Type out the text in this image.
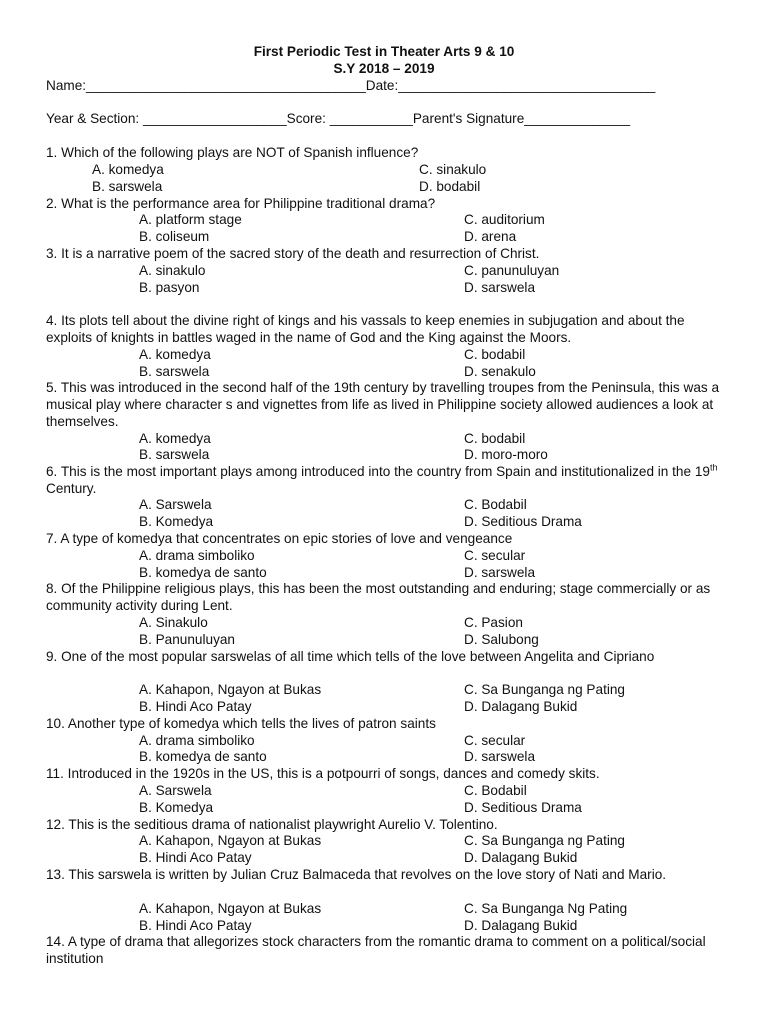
First Periodic Test in Theater Arts 9 & 10
S.Y 2018 – 2019
Name:_____________________________________Date:__________________________________
Year & Section: ___________________Score: ___________Parent's Signature______________
1. Which of the following plays are NOT of Spanish influence?
A. komedya	C. sinakulo
B. sarswela	D. bodabil
2. What is the performance area for Philippine traditional drama?
A. platform stage	C. auditorium
B. coliseum	D. arena
3. It is a narrative poem of the sacred story of the death and resurrection of Christ.
A. sinakulo	C. panunuluyan
B. pasyon	D. sarswela
4. Its plots tell about the divine right of kings and his vassals to keep enemies in subjugation and about the exploits of knights in battles waged in the name of God and the King against the Moors.
A. komedya	C. bodabil
B. sarswela	D. senakulo
5. This was introduced in the second half of the 19th century by travelling troupes from the Peninsula, this was a musical play where character s and vignettes from life as lived in Philippine society allowed audiences a look at themselves.
A. komedya	C. bodabil
B. sarswela	D. moro-moro
6. This is the most important plays among introduced into the country from Spain and institutionalized in the 19th Century.
A. Sarswela	C. Bodabil
B. Komedya	D. Seditious Drama
7. A type of komedya that concentrates on epic stories of love and vengeance
A. drama simboliko	C. secular
B. komedya de santo	D. sarswela
8. Of the Philippine religious plays, this has been the most outstanding and enduring; stage commercially or as community activity during Lent.
A. Sinakulo	C. Pasion
B. Panunuluyan	D. Salubong
9. One of the most popular sarswelas of all time which tells of the love between Angelita and Cipriano
A. Kahapon, Ngayon at Bukas	C. Sa Bunganga ng Pating
B. Hindi Aco Patay	D. Dalagang Bukid
10. Another type of komedya which tells the lives of patron saints
A. drama simboliko	C. secular
B. komedya de santo	D. sarswela
11. Introduced in the 1920s in the US, this is a potpourri of songs, dances and comedy skits.
A. Sarswela	C. Bodabil
B. Komedya	D. Seditious Drama
12. This is the seditious drama of nationalist playwright Aurelio V. Tolentino.
A. Kahapon, Ngayon at Bukas	C. Sa Bunganga ng Pating
B. Hindi Aco Patay	D. Dalagang Bukid
13. This sarswela is written by Julian Cruz Balmaceda that revolves on the love story of Nati and Mario.
A. Kahapon, Ngayon at Bukas	C. Sa Bunganga Ng Pating
B. Hindi Aco Patay	D. Dalagang Bukid
14. A type of drama that allegorizes stock characters from the romantic drama to comment on a political/social institution
